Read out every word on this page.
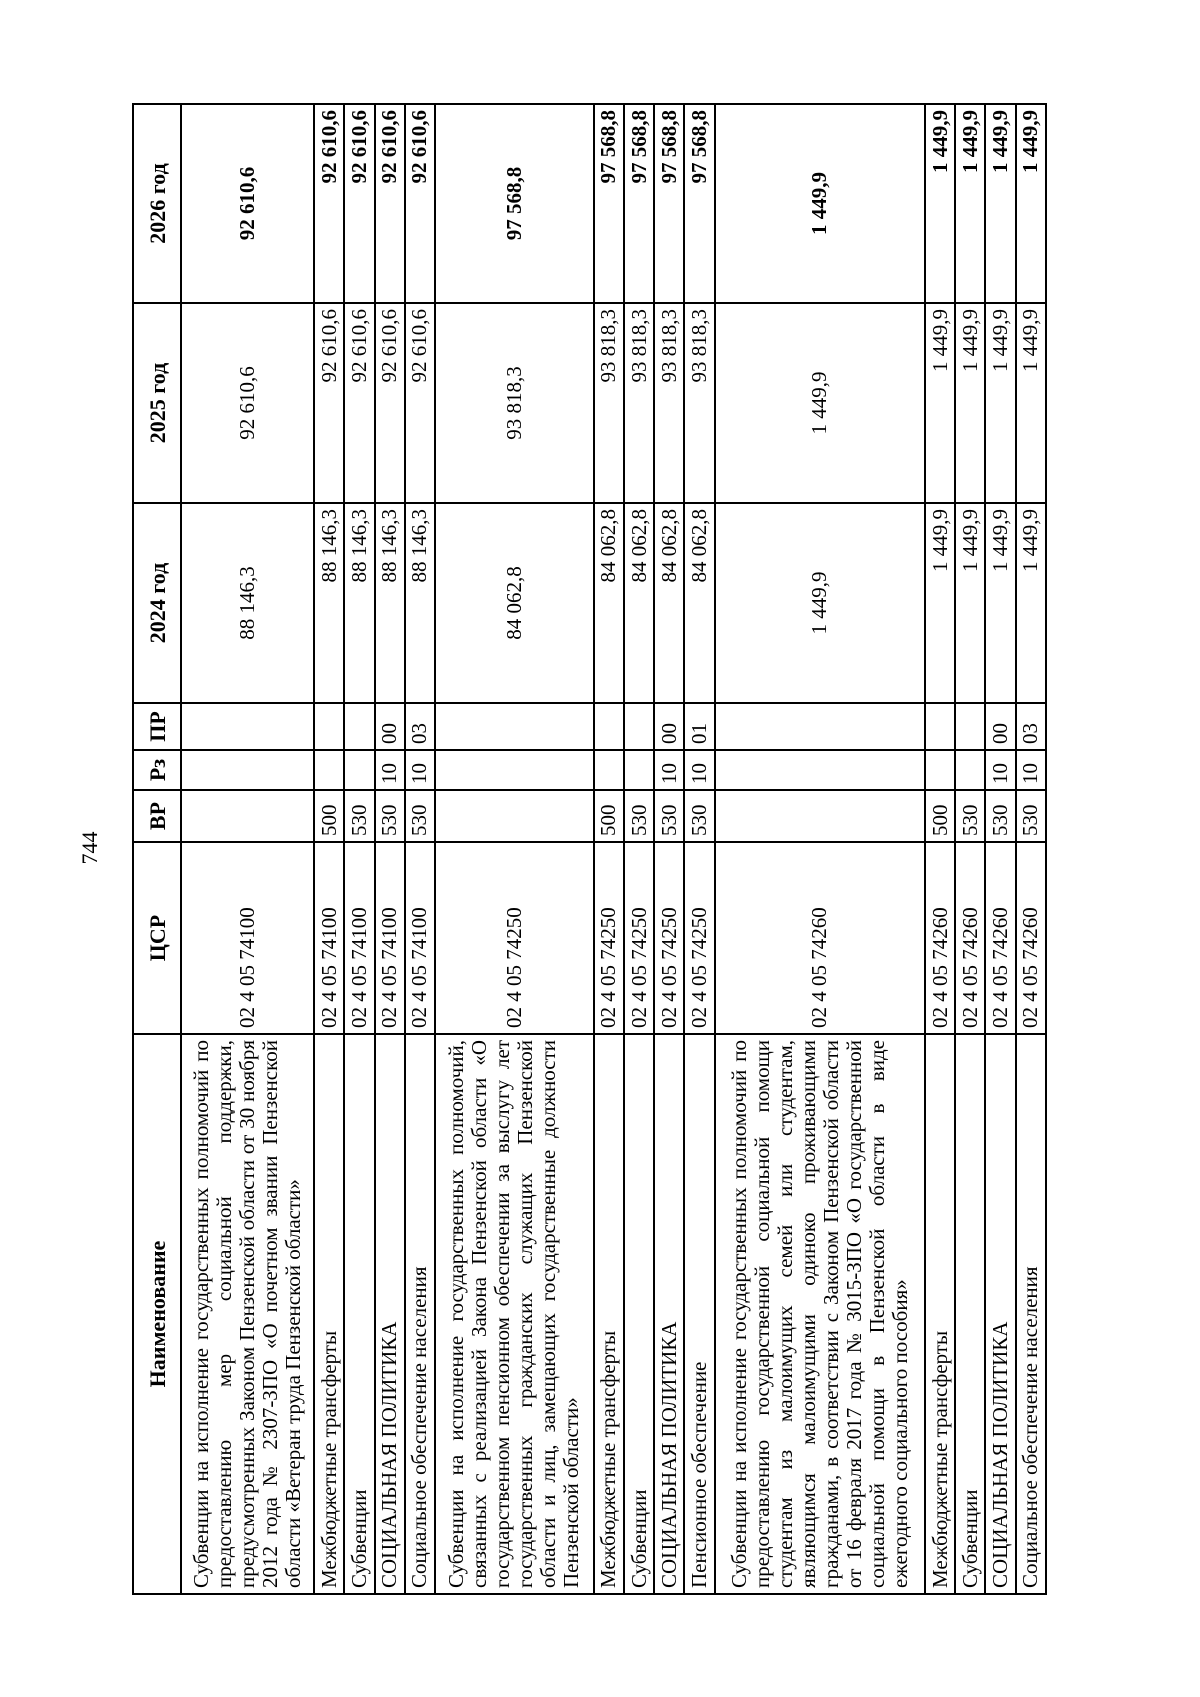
744
Наименование	ЦСР	ВР	Рз	ПР	2024 год	2025 год	2026 год
Субвенции на исполнение государственных полномочий по предоставлению мер социальной поддержки, предусмотренных Законом Пензенской области от 30 ноября 2012 года № 2307-ЗПО «О почетном звании Пензенской области «Ветеран труда Пензенской области»	02 4 05 74100				88 146,3	92 610,6	92 610,6
Межбюджетные трансферты	02 4 05 74100	500			88 146,3	92 610,6	92 610,6
Субвенции	02 4 05 74100	530			88 146,3	92 610,6	92 610,6
СОЦИАЛЬНАЯ ПОЛИТИКА	02 4 05 74100	530	10	00	88 146,3	92 610,6	92 610,6
Социальное обеспечение населения	02 4 05 74100	530	10	03	88 146,3	92 610,6	92 610,6
Субвенции на исполнение государственных полномочий, связанных с реализацией Закона Пензенской области «О государственном пенсионном обеспечении за выслугу лет государственных гражданских служащих Пензенской области и лиц, замещающих государственные должности Пензенской области»	02 4 05 74250				84 062,8	93 818,3	97 568,8
Межбюджетные трансферты	02 4 05 74250	500			84 062,8	93 818,3	97 568,8
Субвенции	02 4 05 74250	530			84 062,8	93 818,3	97 568,8
СОЦИАЛЬНАЯ ПОЛИТИКА	02 4 05 74250	530	10	00	84 062,8	93 818,3	97 568,8
Пенсионное обеспечение	02 4 05 74250	530	10	01	84 062,8	93 818,3	97 568,8
Субвенции на исполнение государственных полномочий по предоставлению государственной социальной помощи студентам из малоимущих семей или студентам, являющимся малоимущими одиноко проживающими гражданами, в соответствии с Законом Пензенской области от 16 февраля 2017 года № 3015-ЗПО «О государственной социальной помощи в Пензенской области в виде ежегодного социального пособия»	02 4 05 74260				1 449,9	1 449,9	1 449,9
Межбюджетные трансферты	02 4 05 74260	500			1 449,9	1 449,9	1 449,9
Субвенции	02 4 05 74260	530			1 449,9	1 449,9	1 449,9
СОЦИАЛЬНАЯ ПОЛИТИКА	02 4 05 74260	530	10	00	1 449,9	1 449,9	1 449,9
Социальное обеспечение населения	02 4 05 74260	530	10	03	1 449,9	1 449,9	1 449,9
